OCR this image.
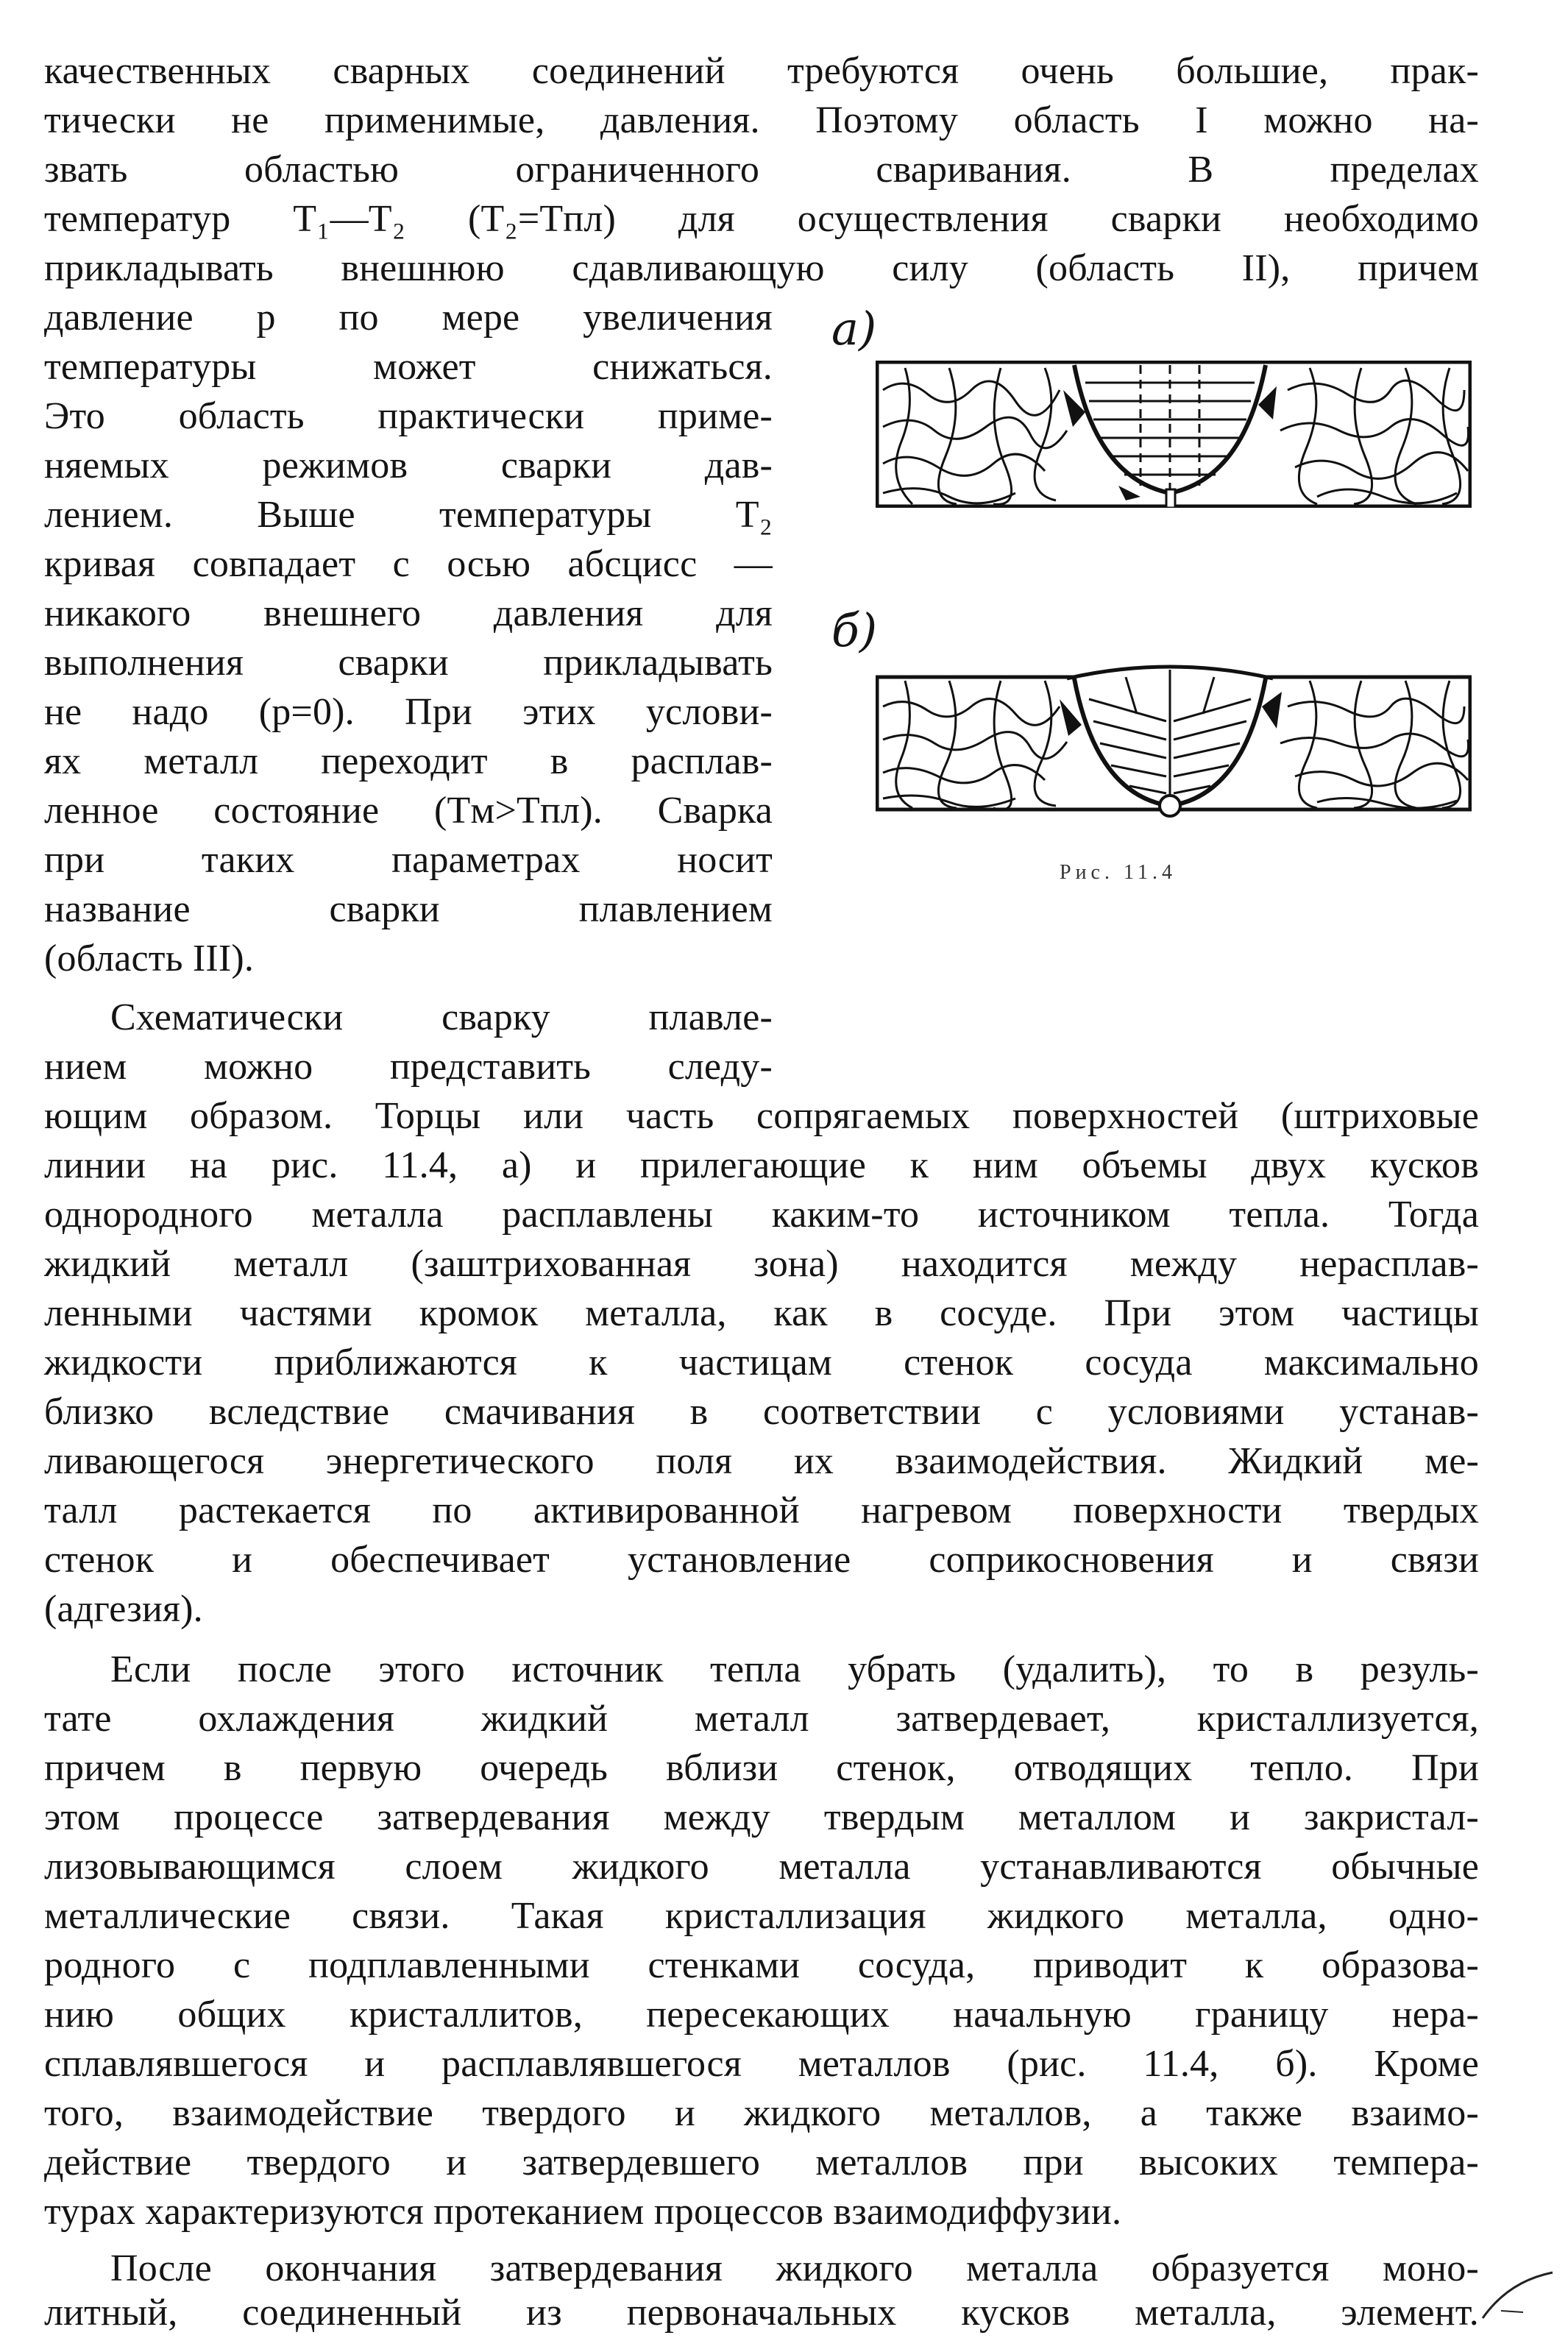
качественных сварных соединений требуются очень большие, прак-
тически не применимые, давления. Поэтому область I можно на-
звать областью ограниченного сваривания. В пределах
температур T₁—T₂ (T₂=Tпл) для осуществления сварки необходимо
прикладывать внешнюю сдавливающую силу (область II), причем
давление p по мере увеличения
температуры может снижаться.
Это область практически приме-
няемых режимов сварки дав-
лением. Выше температуры T₂
кривая совпадает с осью абсцисс —
никакого внешнего давления для
выполнения сварки прикладывать
не надо (p=0). При этих услови-
ях металл переходит в расплав-
ленное состояние (Tм>Tпл). Сварка
при таких параметрах носит
название сварки плавлением
(область III).
Схематически сварку плавле-
нием можно представить следу-
ющим образом. Торцы или часть сопрягаемых поверхностей (штриховые
линии на рис. 11.4, а) и прилегающие к ним объемы двух кусков
однородного металла расплавлены каким-то источником тепла. Тогда
жидкий металл (заштрихованная зона) находится между нерасплав-
ленными частями кромок металла, как в сосуде. При этом частицы
жидкости приближаются к частицам стенок сосуда максимально
близко вследствие смачивания в соответствии с условиями устанав-
ливающегося энергетического поля их взаимодействия. Жидкий ме-
талл растекается по активированной нагревом поверхности твердых
стенок и обеспечивает установление соприкосновения и связи
(адгезия).
Если после этого источник тепла убрать (удалить), то в резуль-
тате охлаждения жидкий металл затвердевает, кристаллизуется,
причем в первую очередь вблизи стенок, отводящих тепло. При
этом процессе затвердевания между твердым металлом и закристал-
лизовывающимся слоем жидкого металла устанавливаются обычные
металлические связи. Такая кристаллизация жидкого металла, одно-
родного с подплавленными стенками сосуда, приводит к образова-
нию общих кристаллитов, пересекающих начальную границу нера-
сплавлявшегося и расплавлявшегося металлов (рис. 11.4, б). Кроме
того, взаимодействие твердого и жидкого металлов, а также взаимо-
действие твердого и затвердевшего металлов при высоких темпера-
турах характеризуются протеканием процессов взаимодиффузии.
После окончания затвердевания жидкого металла образуется моно-
литный, соединенный из первоначальных кусков металла, элемент.
а)
б)
Рис. 11.4
